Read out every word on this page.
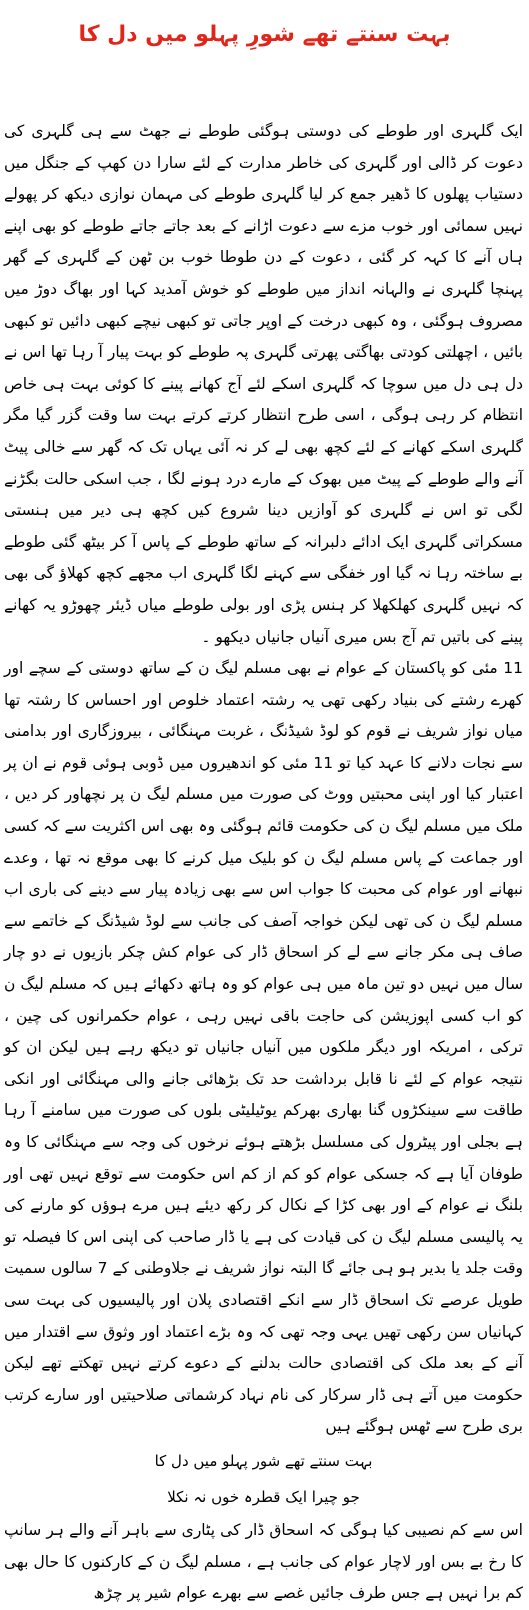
بہت سنتے تھے شورِ پہلو میں دل کا

ایک گلہری اور طوطے کی دوستی ہوگئی طوطے نے جھٹ سے ہی گلہری کی دعوت کر ڈالی اور گلہری کی خاطر مدارت کے لئے سارا دن کھپ کے جنگل میں دستیاب پھلوں کا ڈھیر جمع کر لیا گلہری طوطے کی مہمان نوازی دیکھ کر پھولے نہیں سمائی اور خوب مزے سے دعوت اڑانے کے بعد جاتے جاتے طوطے کو بھی اپنے ہاں آنے کا کہہ کر گئی ، دعوت کے دن طوطا خوب بن ٹھن کے گلہری کے گھر پہنچا گلہری نے والہانہ انداز میں طوطے کو خوش آمدید کہا اور بھاگ دوڑ میں مصروف ہوگئی ، وہ کبھی درخت کے اوپر جاتی تو کبھی نیچے کبھی دائیں تو کبھی بائیں ، اچھلتی کودتی بھاگتی پھرتی گلہری پہ طوطے کو بہت پیار آ رہا تھا اس نے دل ہی دل میں سوچا کہ گلہری اسکے لئے آج کھانے پینے کا کوئی بہت ہی خاص انتظام کر رہی ہوگی ، اسی طرح انتظار کرتے کرتے بہت سا وقت گزر گیا مگر گلہری اسکے کھانے کے لئے کچھ بھی لے کر نہ آئی یہاں تک کہ گھر سے خالی پیٹ آنے والے طوطے کے پیٹ میں بھوک کے مارے درد ہونے لگا ، جب اسکی حالت بگڑنے لگی تو اس نے گلہری کو آوازیں دینا شروع کیں کچھ ہی دیر میں ہنستی مسکراتی گلہری ایک ادائے دلبرانہ کے ساتھ طوطے کے پاس آ کر بیٹھ گئی طوطے بے ساختہ رہا نہ گیا اور خفگی سے کہنے لگا گلہری اب مجھے کچھ کھلاؤ گی بھی کہ نہیں گلہری کھلکھلا کر ہنس پڑی اور بولی طوطے میاں ڈیئر چھوڑو یہ کھانے پینے کی باتیں تم آج بس میری آنیاں جانیاں دیکھو ۔

11 مئی کو پاکستان کے عوام نے بھی مسلم لیگ ن کے ساتھ دوستی کے سچے اور کھرے رشتے کی بنیاد رکھی تھی یہ رشتہ اعتماد خلوص اور احساس کا رشتہ تھا میاں نواز شریف نے قوم کو لوڈ شیڈنگ ، غربت مہنگائی ، بیروزگاری اور بدامنی سے نجات دلانے کا عہد کیا تو 11 مئی کو اندھیروں میں ڈوبی ہوئی قوم نے ان پر اعتبار کیا اور اپنی محبتیں ووٹ کی صورت میں مسلم لیگ ن پر نچھاور کر دیں ، ملک میں مسلم لیگ ن کی حکومت قائم ہوگئی وہ بھی اس اکثریت سے کہ کسی اور جماعت کے پاس مسلم لیگ ن کو بلیک میل کرنے کا بھی موقع نہ تھا ، وعدے نبھانے اور عوام کی محبت کا جواب اس سے بھی زیادہ پیار سے دینے کی باری اب مسلم لیگ ن کی تھی لیکن خواجہ آصف کی جانب سے لوڈ شیڈنگ کے خاتمے سے صاف ہی مکر جانے سے لے کر اسحاق ڈار کی عوام کش چکر بازیوں نے دو چار سال میں نہیں دو تین ماہ میں ہی عوام کو وہ ہاتھ دکھائے ہیں کہ مسلم لیگ ن کو اب کسی اپوزیشن کی حاجت باقی نہیں رہی ، عوام حکمرانوں کی چین ، ترکی ، امریکہ اور دیگر ملکوں میں آنیاں جانیاں تو دیکھ رہے ہیں لیکن ان کو نتیجہ عوام کے لئے نا قابل برداشت حد تک بڑھائی جانے والی مہنگائی اور انکی طاقت سے سینکڑوں گنا بھاری بھرکم یوٹیلیٹی بلوں کی صورت میں سامنے آ رہا ہے بجلی اور پیٹرول کی مسلسل بڑھتے ہوئے نرخوں کی وجہ سے مہنگائی کا وہ طوفان آیا ہے کہ جسکی عوام کو کم از کم اس حکومت سے توقع نہیں تھی اور بلنگ نے عوام کے اور بھی کڑا کے نکال کر رکھ دیئے ہیں مرے ہوؤں کو مارنے کی یہ پالیسی مسلم لیگ ن کی قیادت کی ہے یا ڈار صاحب کی اپنی اس کا فیصلہ تو وقت جلد یا بدیر ہو ہی جائے گا البتہ نواز شریف نے جلاوطنی کے 7 سالوں سمیت طویل عرصے تک اسحاق ڈار سے انکے اقتصادی پلان اور پالیسیوں کی بہت سی کہانیاں سن رکھی تھیں یہی وجہ تھی کہ وہ بڑے اعتماد اور وثوق سے اقتدار میں آنے کے بعد ملک کی اقتصادی حالت بدلنے کے دعوے کرتے نہیں تھکتے تھے لیکن حکومت میں آتے ہی ڈار سرکار کی نام نہاد کرشماتی صلاحیتیں اور سارے کرتب بری طرح سے ٹھس ہوگئے ہیں

بہت سنتے تھے شور پہلو میں دل کا

جو چیرا ایک قطرہ خوں نہ نکلا

اس سے کم نصیبی کیا ہوگی کہ اسحاق ڈار کی پٹاری سے باہر آنے والے ہر سانپ کا رخ بے بس اور لاچار عوام کی جانب ہے ، مسلم لیگ ن کے کارکنوں کا حال بھی کم برا نہیں ہے جس طرف جائیں غصے سے بھرے عوام شیر پر چڑھ
